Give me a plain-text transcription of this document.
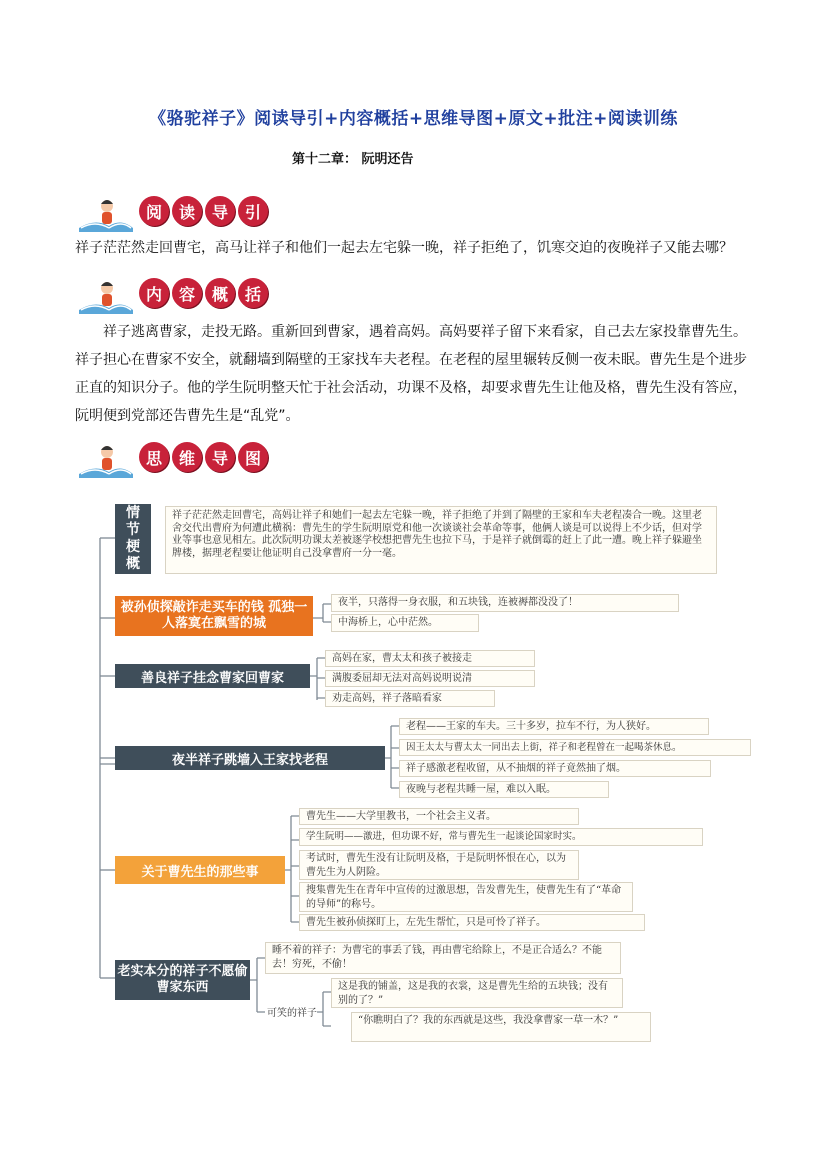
《骆驼祥子》阅读导引+内容概括+思维导图+原文+批注+阅读训练
第十二章： 阮明还告
阅	读	导	引
祥子茫茫然走回曹宅，高马让祥子和他们一起去左宅躲一晚，祥子拒绝了，饥寒交迫的夜晚祥子又能去哪？
内	容	概	括
祥子逃离曹家，走投无路。重新回到曹家，遇着高妈。高妈要祥子留下来看家，自己去左家投靠曹先生。祥子担心在曹家不安全，就翻墙到隔壁的王家找车夫老程。在老程的屋里辗转反侧一夜未眠。曹先生是个进步正直的知识分子。他的学生阮明整天忙于社会活动，功课不及格，却要求曹先生让他及格，曹先生没有答应，阮明便到党部还告曹先生是“乱党”。
思	维	导	图
情节梗概
祥子茫茫然走回曹宅，高妈让祥子和她们一起去左宅躲一晚，祥子拒绝了并到了隔壁的王家和车夫老程凑合一晚。这里老舍交代出曹府为何遭此横祸：曹先生的学生阮明原党和他一次谈谈社会革命等事，他俩人谈是可以说得上不少话，但对学业等事也意见相左。此次阮明功课太差被逐学校想把曹先生也拉下马，于是祥子就倒霉的赶上了此一遭。晚上祥子躲避坐牌楼，据理老程要让他证明自己没拿曹府一分一毫。
被孙侦探敲诈走买车的钱 孤独一人落寞在飘雪的城
夜半，只落得一身衣服，和五块钱，连被褥都没没了！
中海桥上，心中茫然。
善良祥子挂念曹家回曹家
高妈在家，曹太太和孩子被接走
满腹委屈却无法对高妈说明说清
劝走高妈，祥子落暗看家
夜半祥子跳墙入王家找老程
老程——王家的车夫。三十多岁，拉车不行，为人狭好。
因王太太与曹太太一同出去上街，祥子和老程曾在一起喝茶休息。
祥子感激老程收留，从不抽烟的祥子竟然抽了烟。
夜晚与老程共睡一屋，难以入眠。
关于曹先生的那些事
曹先生——大学里教书，一个社会主义者。
学生阮明——激进，但功课不好，常与曹先生一起谈论国家时实。
考试时，曹先生没有让阮明及格，于是阮明怀恨在心，以为曹先生为人阴险。
搜集曹先生在青年中宣传的过激思想，告发曹先生，使曹先生有了“革命的导师”的称号。
曹先生被孙侦探盯上，左先生帮忙，只是可怜了祥子。
老实本分的祥子不愿偷曹家东西
睡不着的祥子：为曹宅的事丢了钱，再由曹宅给除上，不是正合适么？不能去！穷死，不偷！
可笑的祥子
这是我的铺盖，这是我的衣裳，这是曹先生给的五块钱；没有别的了？”
“你瞧明白了？我的东西就是这些，我没拿曹家一草一木？”
